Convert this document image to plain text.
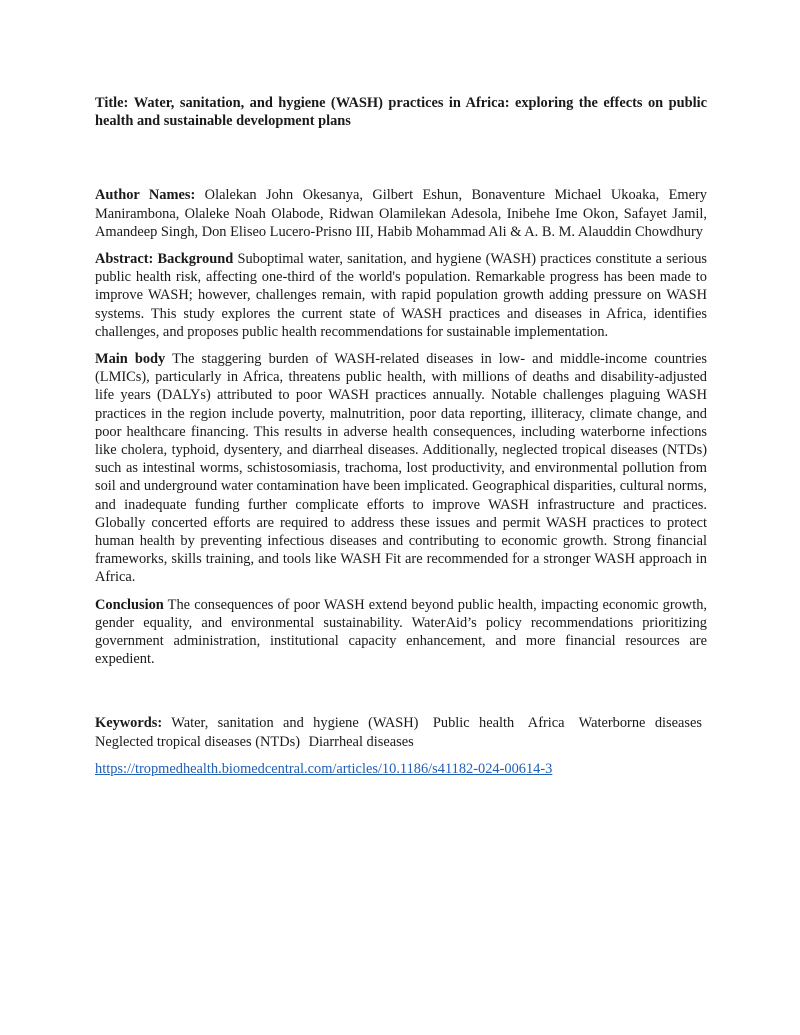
Title: Water, sanitation, and hygiene (WASH) practices in Africa: exploring the effects on public health and sustainable development plans

Author Names: Olalekan John Okesanya, Gilbert Eshun, Bonaventure Michael Ukoaka, Emery Manirambona, Olaleke Noah Olabode, Ridwan Olamilekan Adesola, Inibehe Ime Okon, Safayet Jamil, Amandeep Singh, Don Eliseo Lucero-Prisno III, Habib Mohammad Ali & A. B. M. Alauddin Chowdhury

Abstract: Background Suboptimal water, sanitation, and hygiene (WASH) practices constitute a serious public health risk, affecting one-third of the world's population. Remarkable progress has been made to improve WASH; however, challenges remain, with rapid population growth adding pressure on WASH systems. This study explores the current state of WASH practices and diseases in Africa, identifies challenges, and proposes public health recommendations for sustainable implementation.

Main body The staggering burden of WASH-related diseases in low- and middle-income countries (LMICs), particularly in Africa, threatens public health, with millions of deaths and disability-adjusted life years (DALYs) attributed to poor WASH practices annually. Notable challenges plaguing WASH practices in the region include poverty, malnutrition, poor data reporting, illiteracy, climate change, and poor healthcare financing. This results in adverse health consequences, including waterborne infections like cholera, typhoid, dysentery, and diarrheal diseases. Additionally, neglected tropical diseases (NTDs) such as intestinal worms, schistosomiasis, trachoma, lost productivity, and environmental pollution from soil and underground water contamination have been implicated. Geographical disparities, cultural norms, and inadequate funding further complicate efforts to improve WASH infrastructure and practices. Globally concerted efforts are required to address these issues and permit WASH practices to protect human health by preventing infectious diseases and contributing to economic growth. Strong financial frameworks, skills training, and tools like WASH Fit are recommended for a stronger WASH approach in Africa.

Conclusion The consequences of poor WASH extend beyond public health, impacting economic growth, gender equality, and environmental sustainability. WaterAid’s policy recommendations prioritizing government administration, institutional capacity enhancement, and more financial resources are expedient.

Keywords: Water, sanitation and hygiene (WASH) Public health Africa Waterborne diseases Neglected tropical diseases (NTDs) Diarrheal diseases

https://tropmedhealth.biomedcentral.com/articles/10.1186/s41182-024-00614-3
